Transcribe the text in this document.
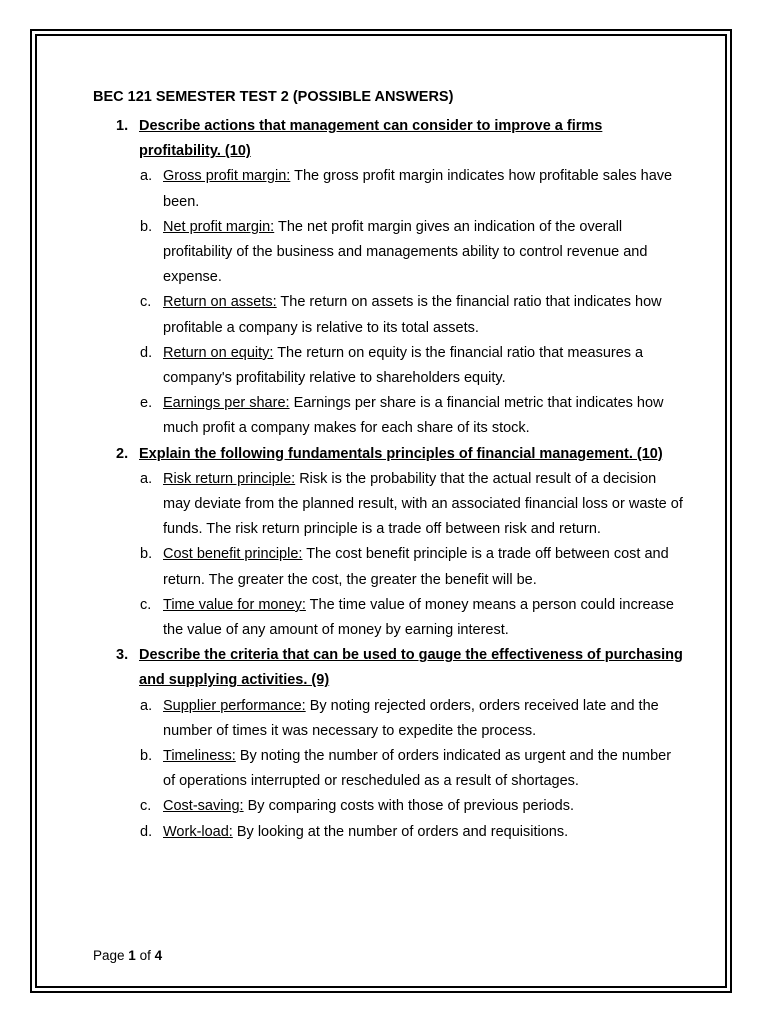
BEC 121 SEMESTER TEST 2 (POSSIBLE ANSWERS)
1. Describe actions that management can consider to improve a firms profitability. (10)
a. Gross profit margin: The gross profit margin indicates how profitable sales have been.
b. Net profit margin: The net profit margin gives an indication of the overall profitability of the business and managements ability to control revenue and expense.
c. Return on assets: The return on assets is the financial ratio that indicates how profitable a company is relative to its total assets.
d. Return on equity: The return on equity is the financial ratio that measures a company's profitability relative to shareholders equity.
e. Earnings per share: Earnings per share is a financial metric that indicates how much profit a company makes for each share of its stock.
2. Explain the following fundamentals principles of financial management. (10)
a. Risk return principle: Risk is the probability that the actual result of a decision may deviate from the planned result, with an associated financial loss or waste of funds. The risk return principle is a trade off between risk and return.
b. Cost benefit principle: The cost benefit principle is a trade off between cost and return. The greater the cost, the greater the benefit will be.
c. Time value for money: The time value of money means a person could increase the value of any amount of money by earning interest.
3. Describe the criteria that can be used to gauge the effectiveness of purchasing and supplying activities. (9)
a. Supplier performance: By noting rejected orders, orders received late and the number of times it was necessary to expedite the process.
b. Timeliness: By noting the number of orders indicated as urgent and the number of operations interrupted or rescheduled as a result of shortages.
c. Cost-saving: By comparing costs with those of previous periods.
d. Work-load: By looking at the number of orders and requisitions.
Page 1 of 4
